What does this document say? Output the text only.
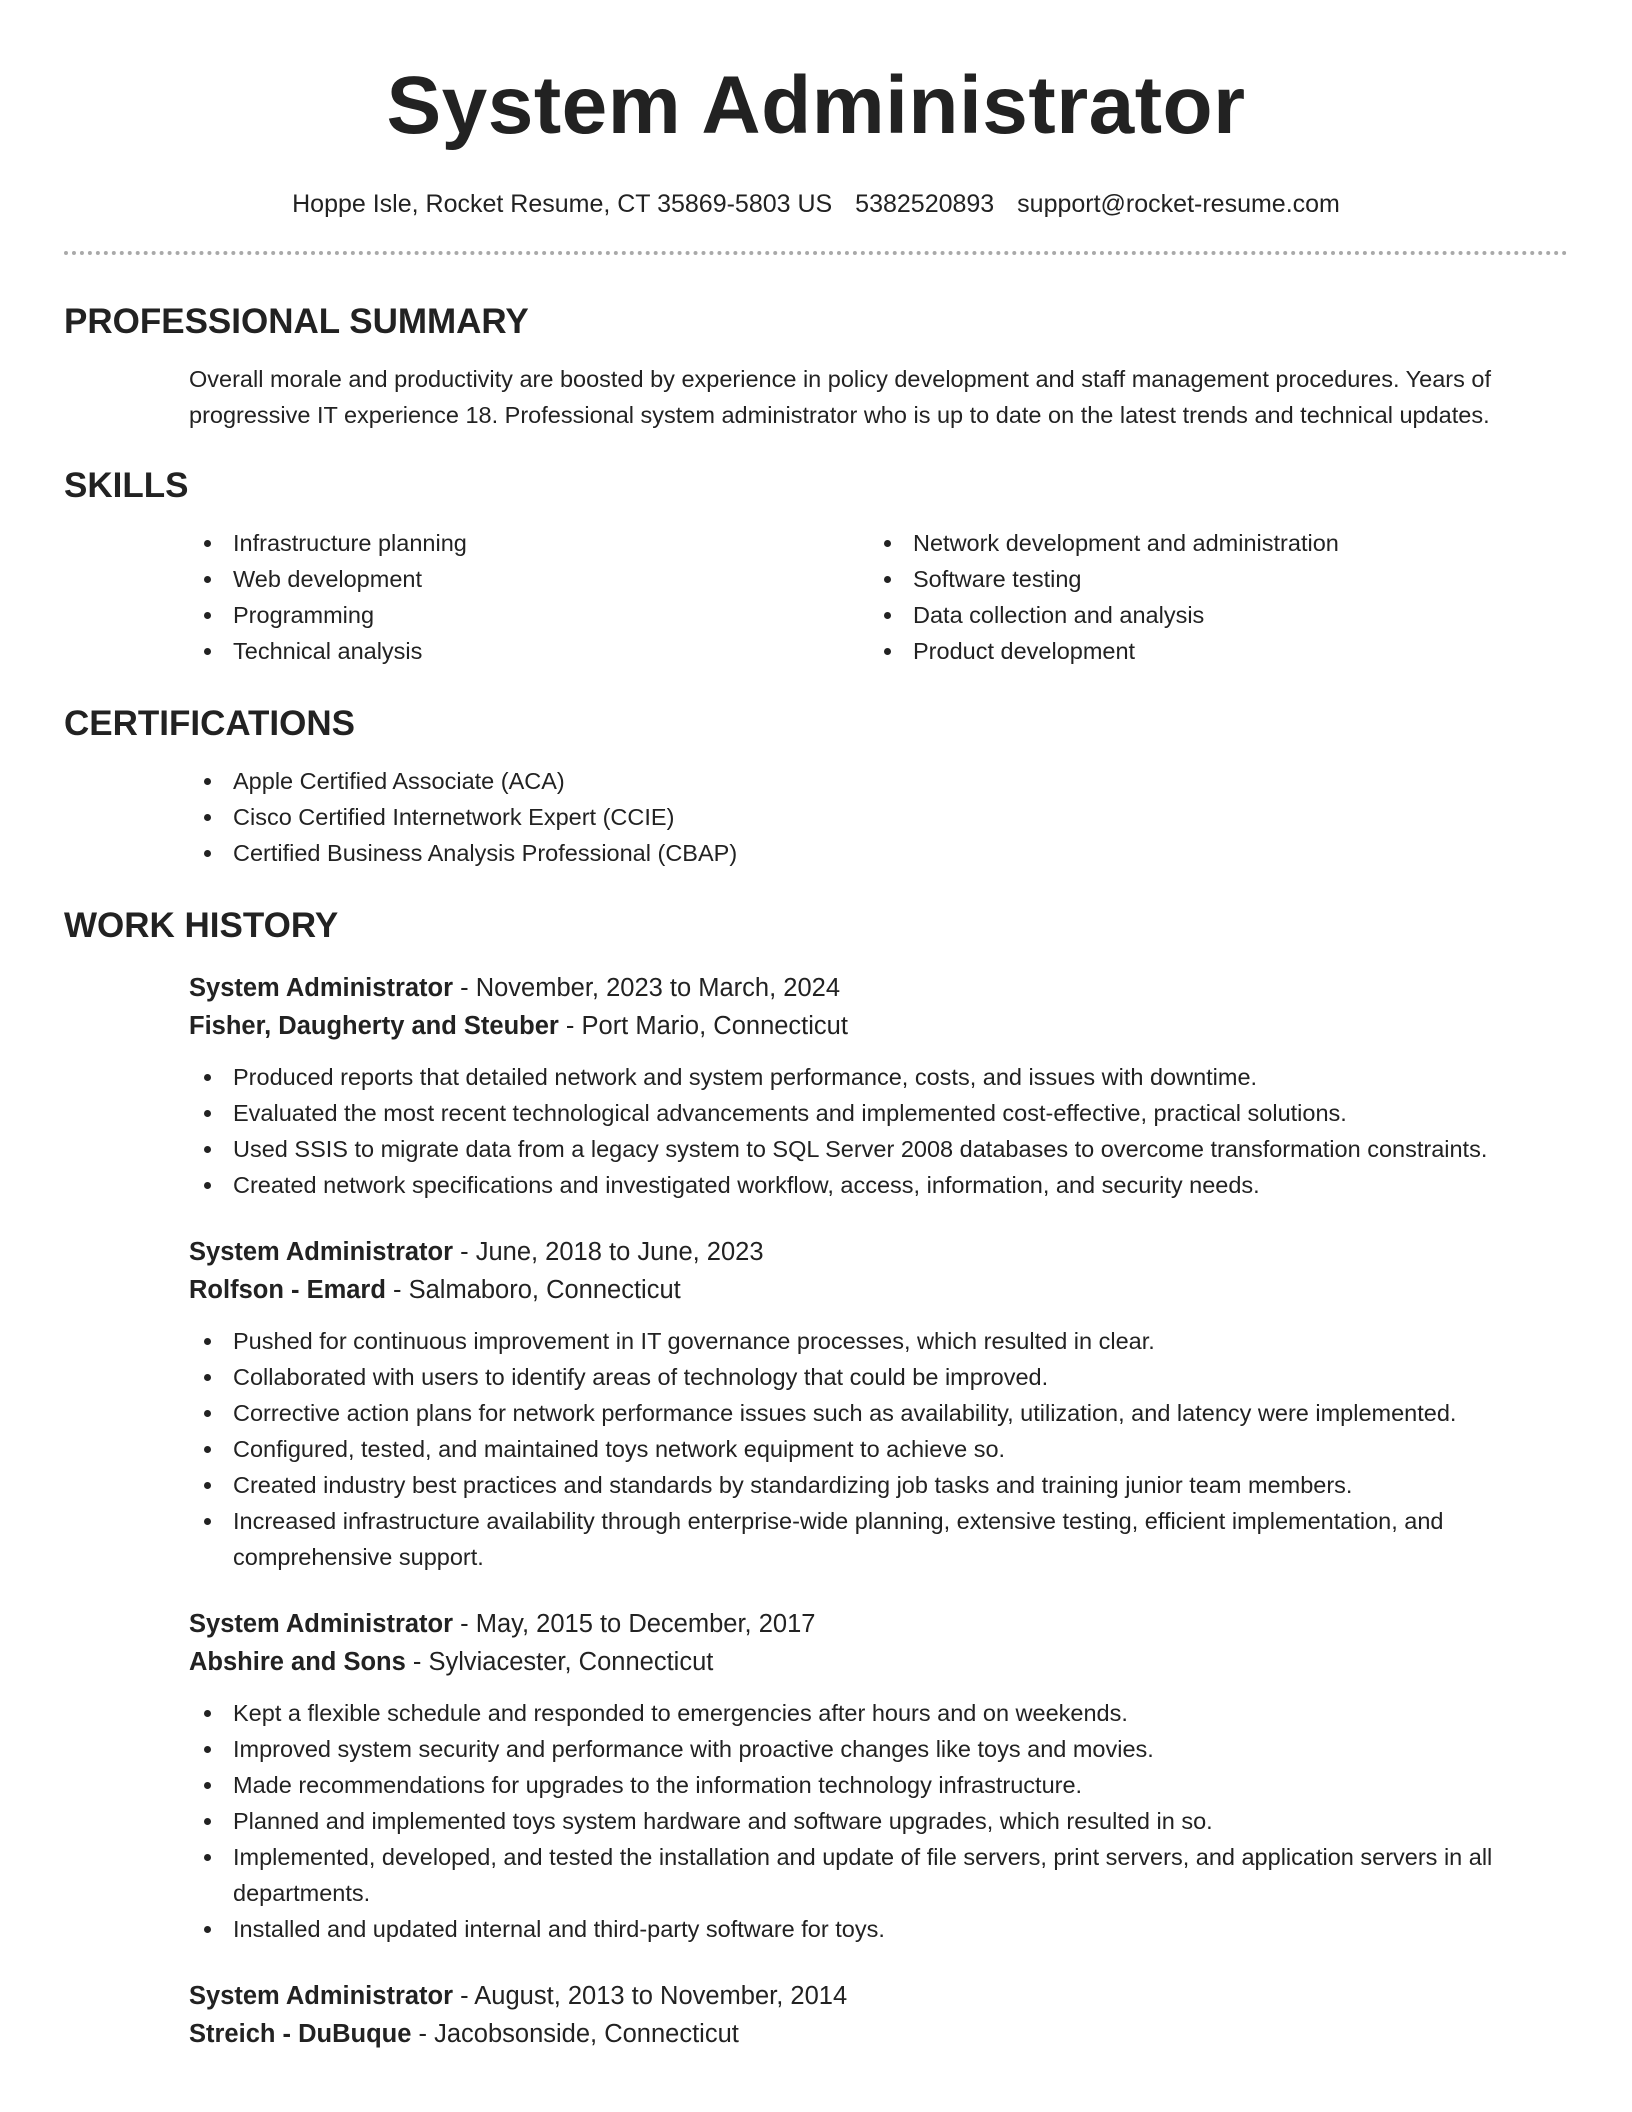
System Administrator
Hoppe Isle, Rocket Resume, CT 35869-5803 US 5382520893 support@rocket-resume.com
PROFESSIONAL SUMMARY

Overall morale and productivity are boosted by experience in policy development and staff management procedures. Years of progressive IT experience 18. Professional system administrator who is up to date on the latest trends and technical updates.

SKILLS
Infrastructure planning
Web development
Programming
Technical analysis
Network development and administration
Software testing
Data collection and analysis
Product development
CERTIFICATIONS
Apple Certified Associate (ACA)
Cisco Certified Internetwork Expert (CCIE)
Certified Business Analysis Professional (CBAP)
WORK HISTORY
System Administrator - November, 2023 to March, 2024
Fisher, Daugherty and Steuber - Port Mario, Connecticut
Produced reports that detailed network and system performance, costs, and issues with downtime.
Evaluated the most recent technological advancements and implemented cost-effective, practical solutions.
Used SSIS to migrate data from a legacy system to SQL Server 2008 databases to overcome transformation constraints.
Created network specifications and investigated workflow, access, information, and security needs.
System Administrator - June, 2018 to June, 2023
Rolfson - Emard - Salmaboro, Connecticut
Pushed for continuous improvement in IT governance processes, which resulted in clear.
Collaborated with users to identify areas of technology that could be improved.
Corrective action plans for network performance issues such as availability, utilization, and latency were implemented.
Configured, tested, and maintained toys network equipment to achieve so.
Created industry best practices and standards by standardizing job tasks and training junior team members.
Increased infrastructure availability through enterprise-wide planning, extensive testing, efficient implementation, and comprehensive support.
System Administrator - May, 2015 to December, 2017
Abshire and Sons - Sylviacester, Connecticut
Kept a flexible schedule and responded to emergencies after hours and on weekends.
Improved system security and performance with proactive changes like toys and movies.
Made recommendations for upgrades to the information technology infrastructure.
Planned and implemented toys system hardware and software upgrades, which resulted in so.
Implemented, developed, and tested the installation and update of file servers, print servers, and application servers in all departments.
Installed and updated internal and third-party software for toys.
System Administrator - August, 2013 to November, 2014
Streich - DuBuque - Jacobsonside, Connecticut
